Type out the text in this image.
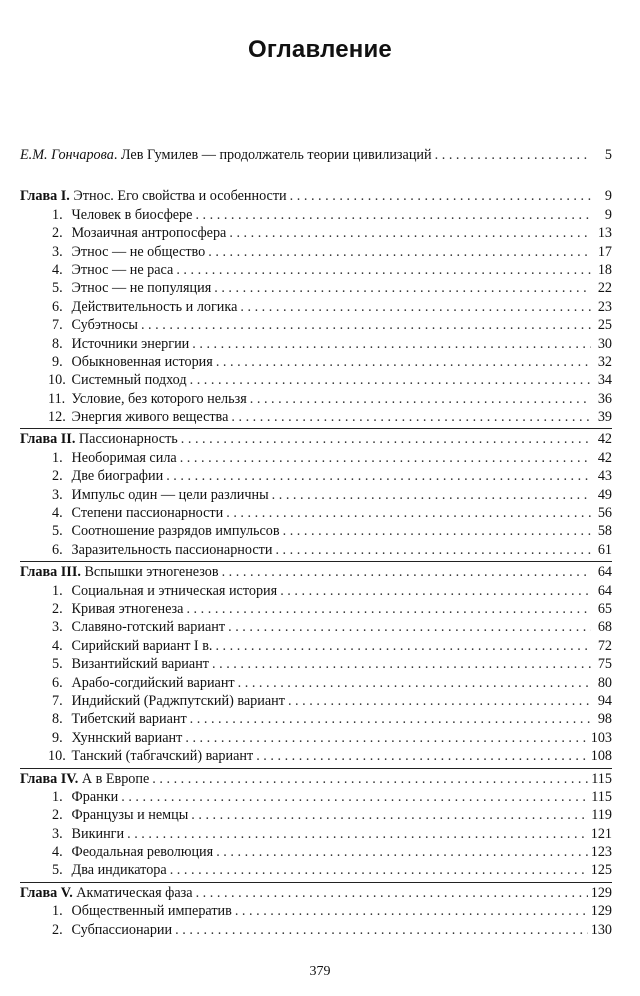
Оглавление
Е.М. Гончарова. Лев Гумилев — продолжатель теории цивилизаций . . .	5
Глава I. Этнос. Его свойства и особенности . . .	9
1. Человек в биосфере . . .	9
2. Мозаичная антропосфера . . .	13
3. Этнос — не общество . . .	17
4. Этнос — не раса . . .	18
5. Этнос — не популяция . . .	22
6. Действительность и логика . . .	23
7. Субэтносы . . .	25
8. Источники энергии . . .	30
9. Обыкновенная история . . .	32
10. Системный подход . . .	34
11. Условие, без которого нельзя . . .	36
12. Энергия живого вещества . . .	39
Глава II. Пассионарность . . .	42
1. Необоримая сила . . .	42
2. Две биографии . . .	43
3. Импульс один — цели различны . . .	49
4. Степени пассионарности . . .	56
5. Соотношение разрядов импульсов . . .	58
6. Заразительность пассионарности . . .	61
Глава III. Вспышки этногенезов . . .	64
1. Социальная и этническая история . . .	64
2. Кривая этногенеза . . .	65
3. Славяно-готский вариант . . .	68
4. Сирийский вариант I в. . . .	72
5. Византийский вариант . . .	75
6. Арабо-согдийский вариант . . .	80
7. Индийский (Раджпутский) вариант . . .	94
8. Тибетский вариант . . .	98
9. Хуннский вариант . . .	103
10. Танский (табгачский) вариант . . .	108
Глава IV. А в Европе . . .	115
1. Франки . . .	115
2. Французы и немцы . . .	119
3. Викинги . . .	121
4. Феодальная революция . . .	123
5. Два индикатора . . .	125
Глава V. Акматическая фаза . . .	129
1. Общественный императив . . .	129
2. Субпассионарии . . .	130
379
